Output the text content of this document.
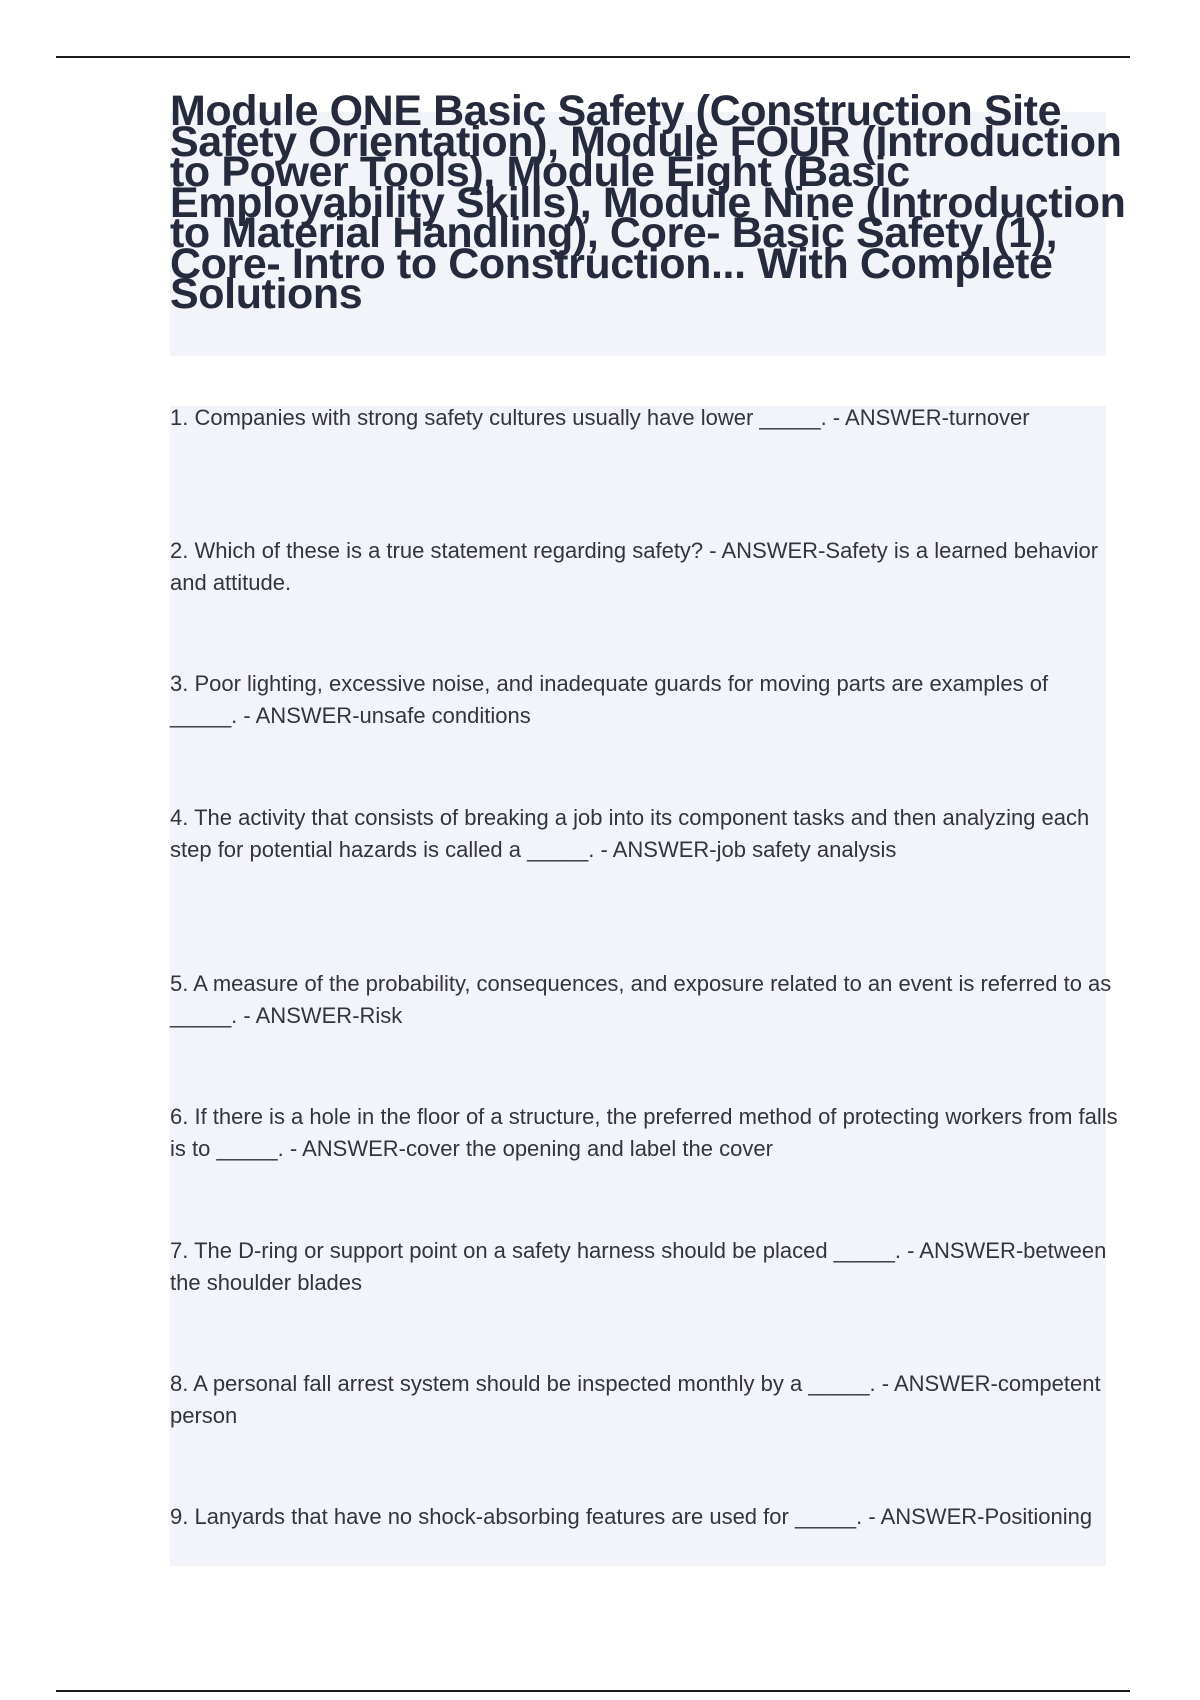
Module ONE Basic Safety (Construction Site Safety Orientation), Module FOUR (Introduction to Power Tools), Module Eight (Basic Employability Skills), Module Nine (Introduction to Material Handling), Core- Basic Safety (1), Core- Intro to Construction... With Complete Solutions

1. Companies with strong safety cultures usually have lower _____. - ANSWER-turnover

2. Which of these is a true statement regarding safety? - ANSWER-Safety is a learned behavior and attitude.

3. Poor lighting, excessive noise, and inadequate guards for moving parts are examples of _____. - ANSWER-unsafe conditions

4. The activity that consists of breaking a job into its component tasks and then analyzing each step for potential hazards is called a _____. - ANSWER-job safety analysis

5. A measure of the probability, consequences, and exposure related to an event is referred to as _____. - ANSWER-Risk

6. If there is a hole in the floor of a structure, the preferred method of protecting workers from falls is to _____. - ANSWER-cover the opening and label the cover

7. The D-ring or support point on a safety harness should be placed _____. - ANSWER-between the shoulder blades

8. A personal fall arrest system should be inspected monthly by a _____. - ANSWER-competent person

9. Lanyards that have no shock-absorbing features are used for _____. - ANSWER-Positioning
